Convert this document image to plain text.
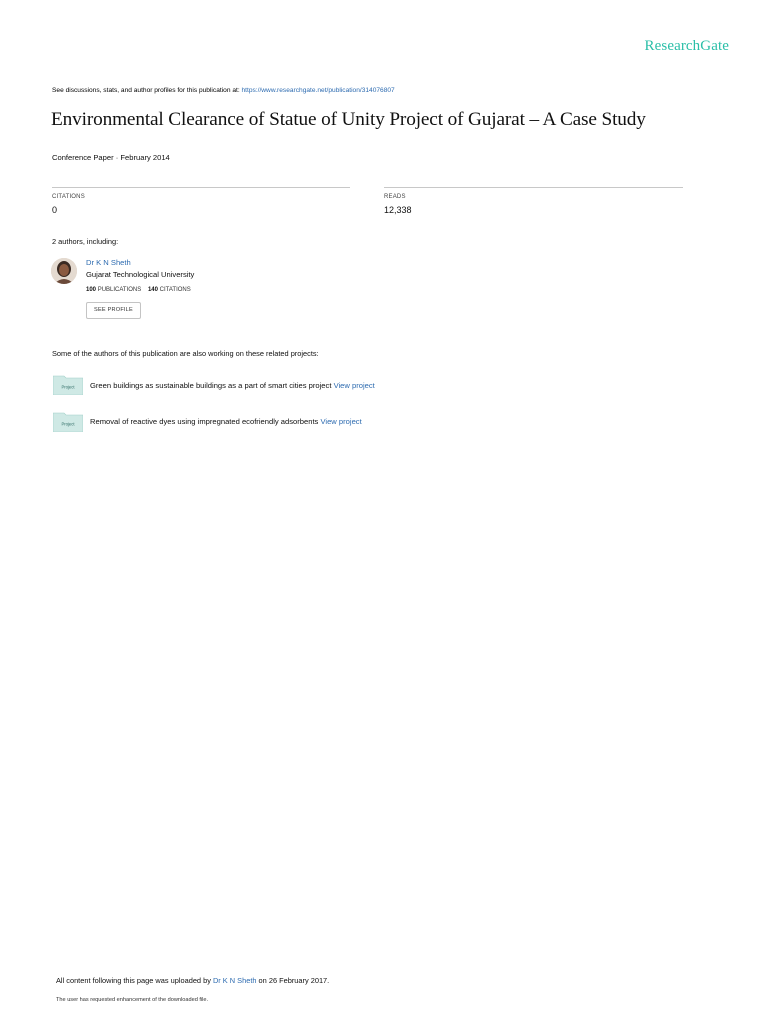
ResearchGate
See discussions, stats, and author profiles for this publication at: https://www.researchgate.net/publication/314076807
Environmental Clearance of Statue of Unity Project of Gujarat – A Case Study
Conference Paper · February 2014
CITATIONS
0
READS
12,338
2 authors, including:
Dr K N Sheth
Gujarat Technological University
100 PUBLICATIONS 140 CITATIONS
SEE PROFILE
Some of the authors of this publication are also working on these related projects:
Project Green buildings as sustainable buildings as a part of smart cities project View project
Project Removal of reactive dyes using impregnated ecofriendly adsorbents View project
All content following this page was uploaded by Dr K N Sheth on 26 February 2017.
The user has requested enhancement of the downloaded file.
